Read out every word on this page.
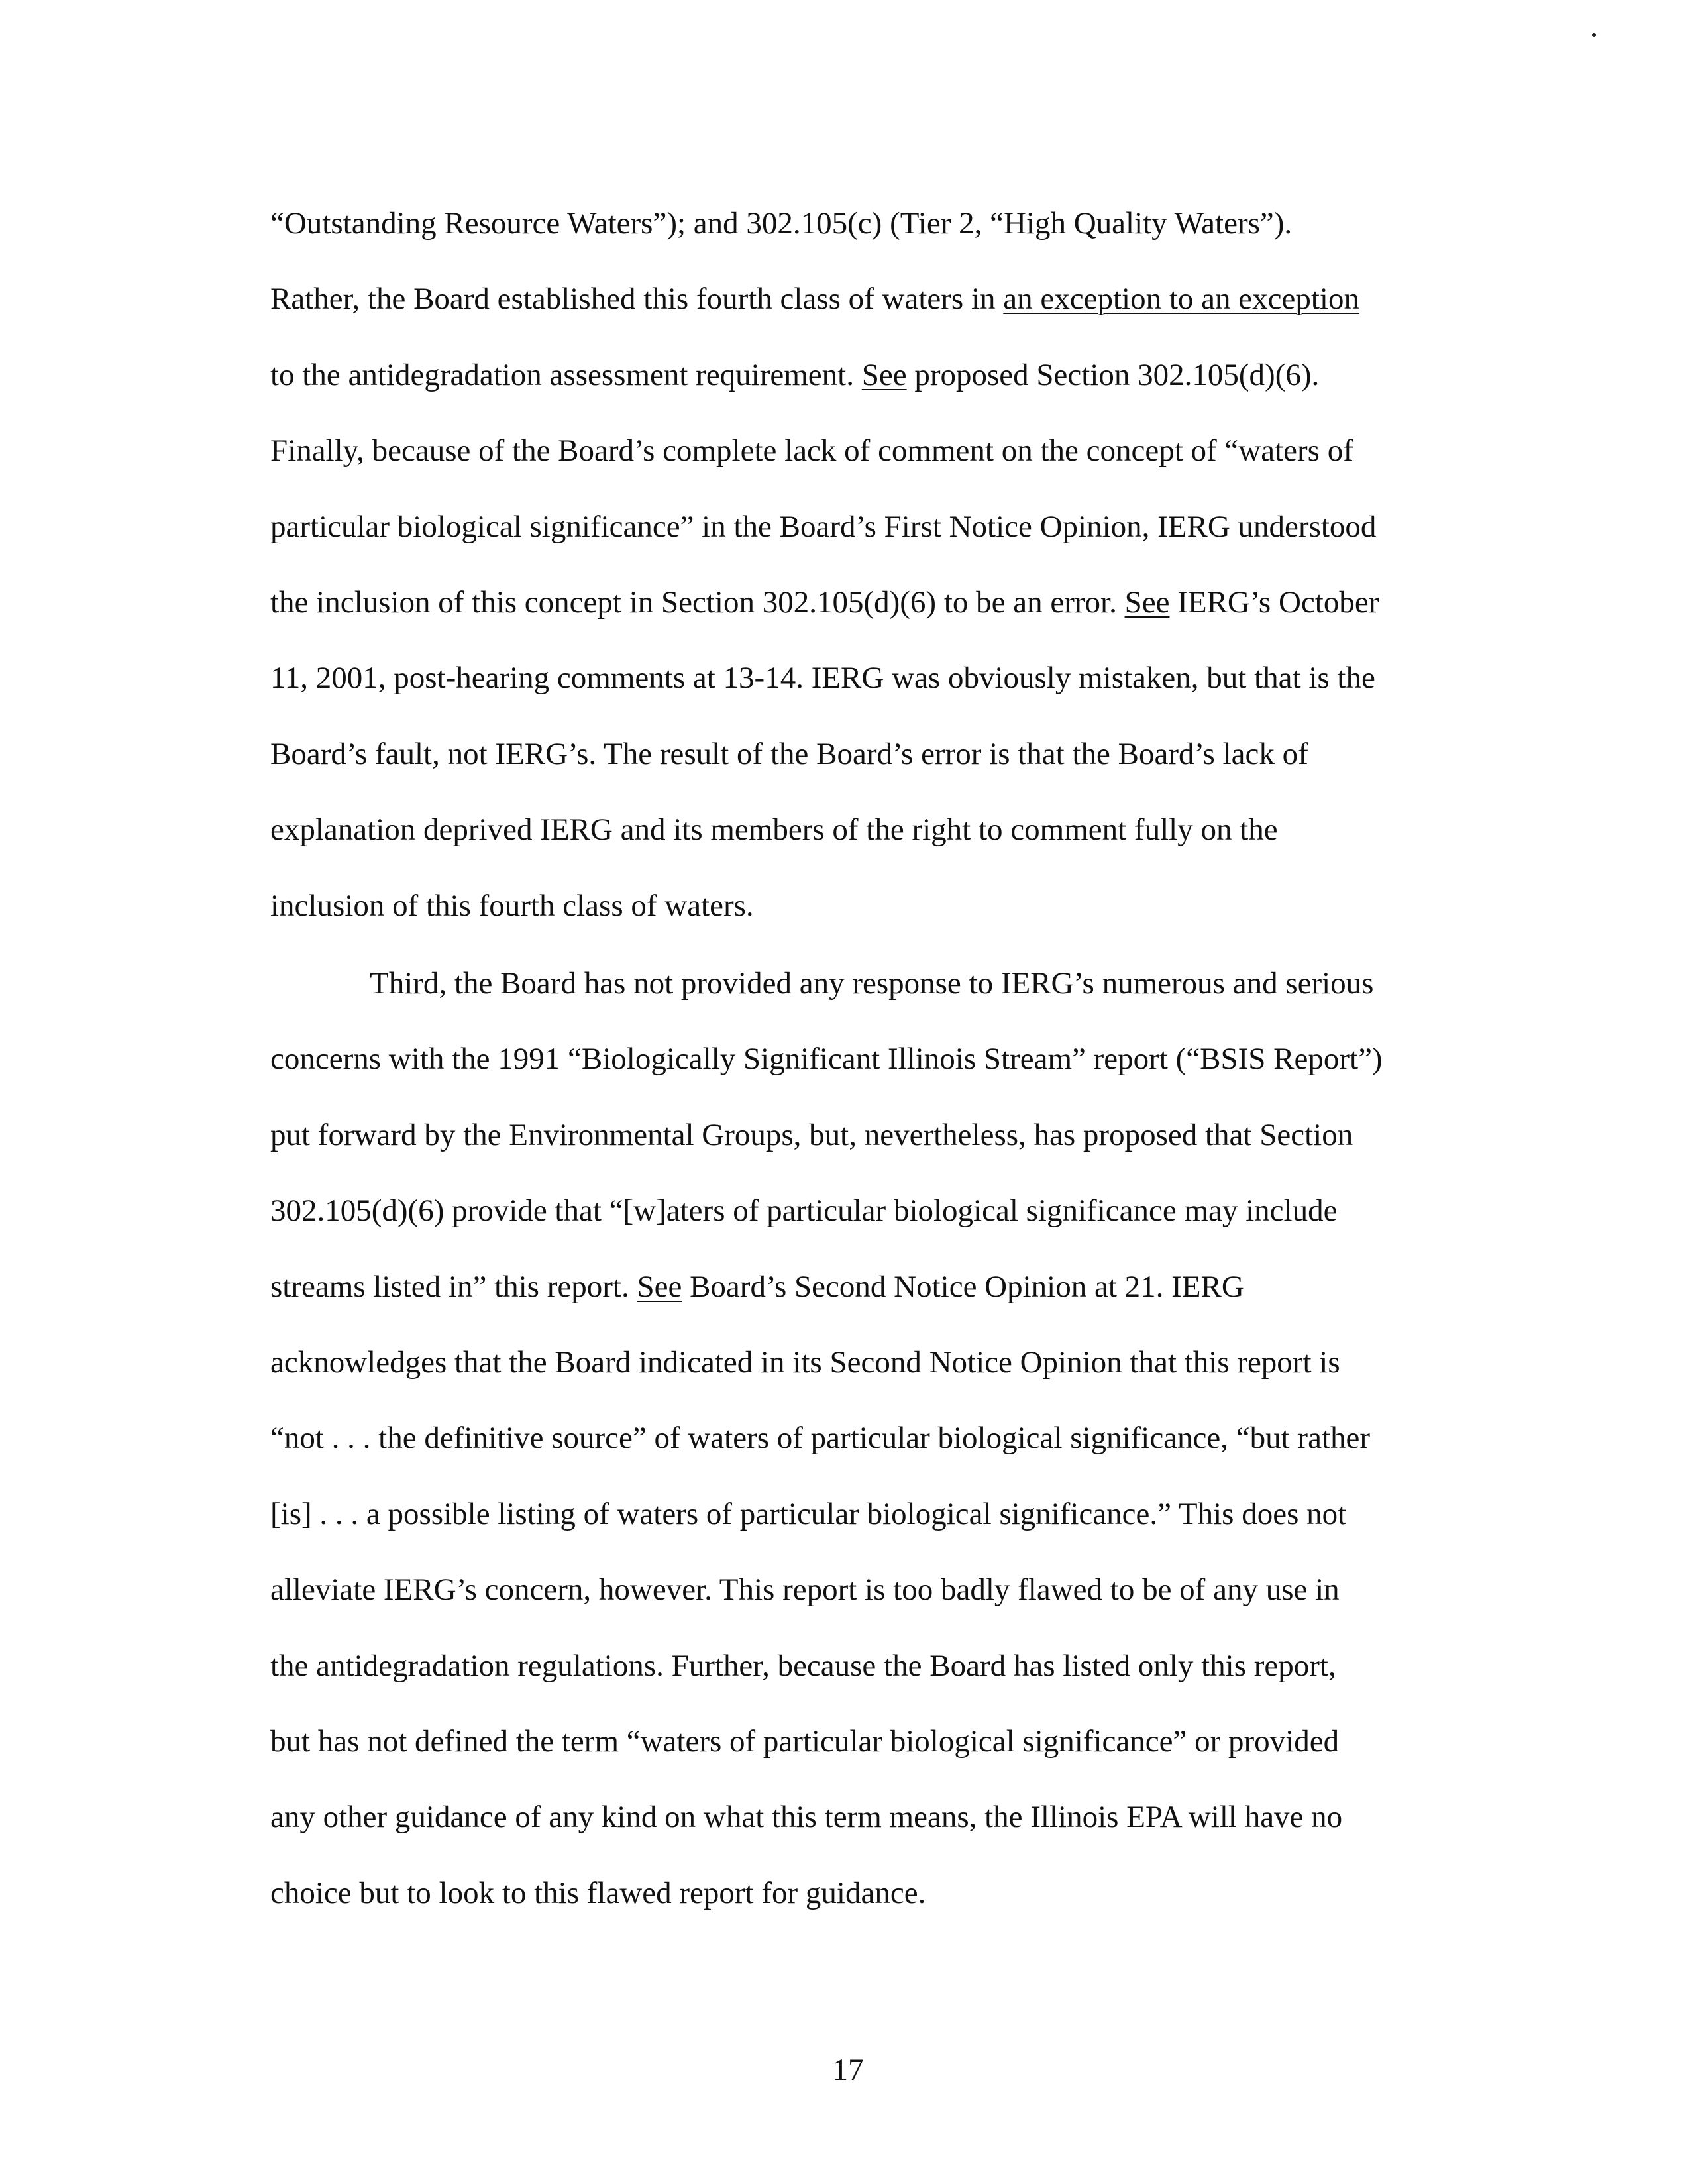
“Outstanding Resource Waters”); and 302.105(c) (Tier 2, “High Quality Waters”).
Rather, the Board established this fourth class of waters in an exception to an exception
to the antidegradation assessment requirement. See proposed Section 302.105(d)(6).
Finally, because of the Board’s complete lack of comment on the concept of “waters of
particular biological significance” in the Board’s First Notice Opinion, IERG understood
the inclusion of this concept in Section 302.105(d)(6) to be an error. See IERG’s October
11, 2001, post-hearing comments at 13-14. IERG was obviously mistaken, but that is the
Board’s fault, not IERG’s. The result of the Board’s error is that the Board’s lack of
explanation deprived IERG and its members of the right to comment fully on the
inclusion of this fourth class of waters.
Third, the Board has not provided any response to IERG’s numerous and serious
concerns with the 1991 “Biologically Significant Illinois Stream” report (“BSIS Report”)
put forward by the Environmental Groups, but, nevertheless, has proposed that Section
302.105(d)(6) provide that “[w]aters of particular biological significance may include
streams listed in” this report. See Board’s Second Notice Opinion at 21. IERG
acknowledges that the Board indicated in its Second Notice Opinion that this report is
“not . . . the definitive source” of waters of particular biological significance, “but rather
[is] . . . a possible listing of waters of particular biological significance.” This does not
alleviate IERG’s concern, however. This report is too badly flawed to be of any use in
the antidegradation regulations. Further, because the Board has listed only this report,
but has not defined the term “waters of particular biological significance” or provided
any other guidance of any kind on what this term means, the Illinois EPA will have no
choice but to look to this flawed report for guidance.
17
